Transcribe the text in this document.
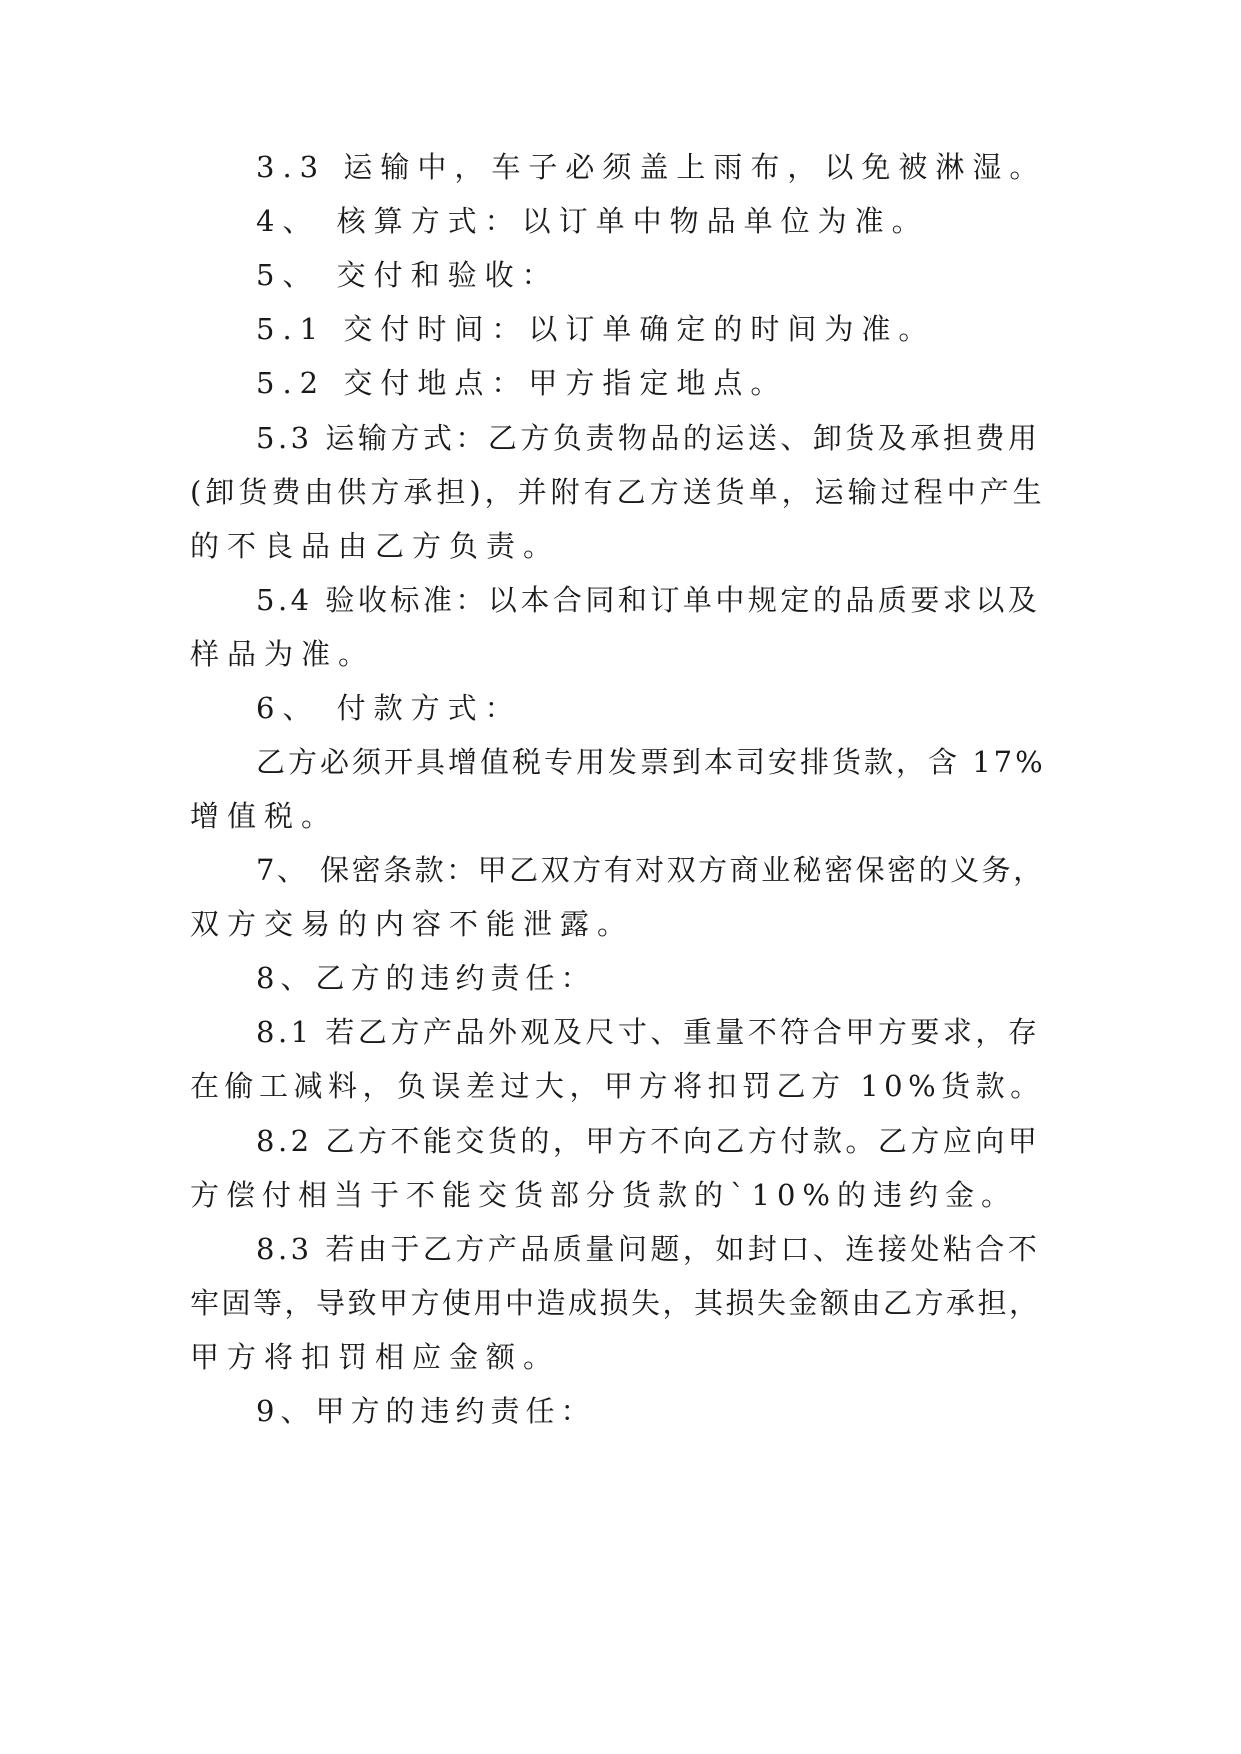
3.3 运输中，车子必须盖上雨布，以免被淋湿。
4、 核算方式：以订单中物品单位为准。
5、 交付和验收：
5.1 交付时间：以订单确定的时间为准。
5.2 交付地点：甲方指定地点。
5.3 运输方式：乙方负责物品的运送、卸货及承担费用
(卸货费由供方承担)，并附有乙方送货单，运输过程中产生
的不良品由乙方负责。
5.4 验收标准：以本合同和订单中规定的品质要求以及
样品为准。
6、 付款方式：
乙方必须开具增值税专用发票到本司安排货款，含 17%
增值税。
7、 保密条款：甲乙双方有对双方商业秘密保密的义务，
双方交易的内容不能泄露。
8、乙方的违约责任：
8.1 若乙方产品外观及尺寸、重量不符合甲方要求，存
在偷工减料，负误差过大，甲方将扣罚乙方 10%货款。
8.2 乙方不能交货的，甲方不向乙方付款。乙方应向甲
方偿付相当于不能交货部分货款的`10%的违约金。
8.3 若由于乙方产品质量问题，如封口、连接处粘合不
牢固等，导致甲方使用中造成损失，其损失金额由乙方承担，
甲方将扣罚相应金额。
9、甲方的违约责任：
